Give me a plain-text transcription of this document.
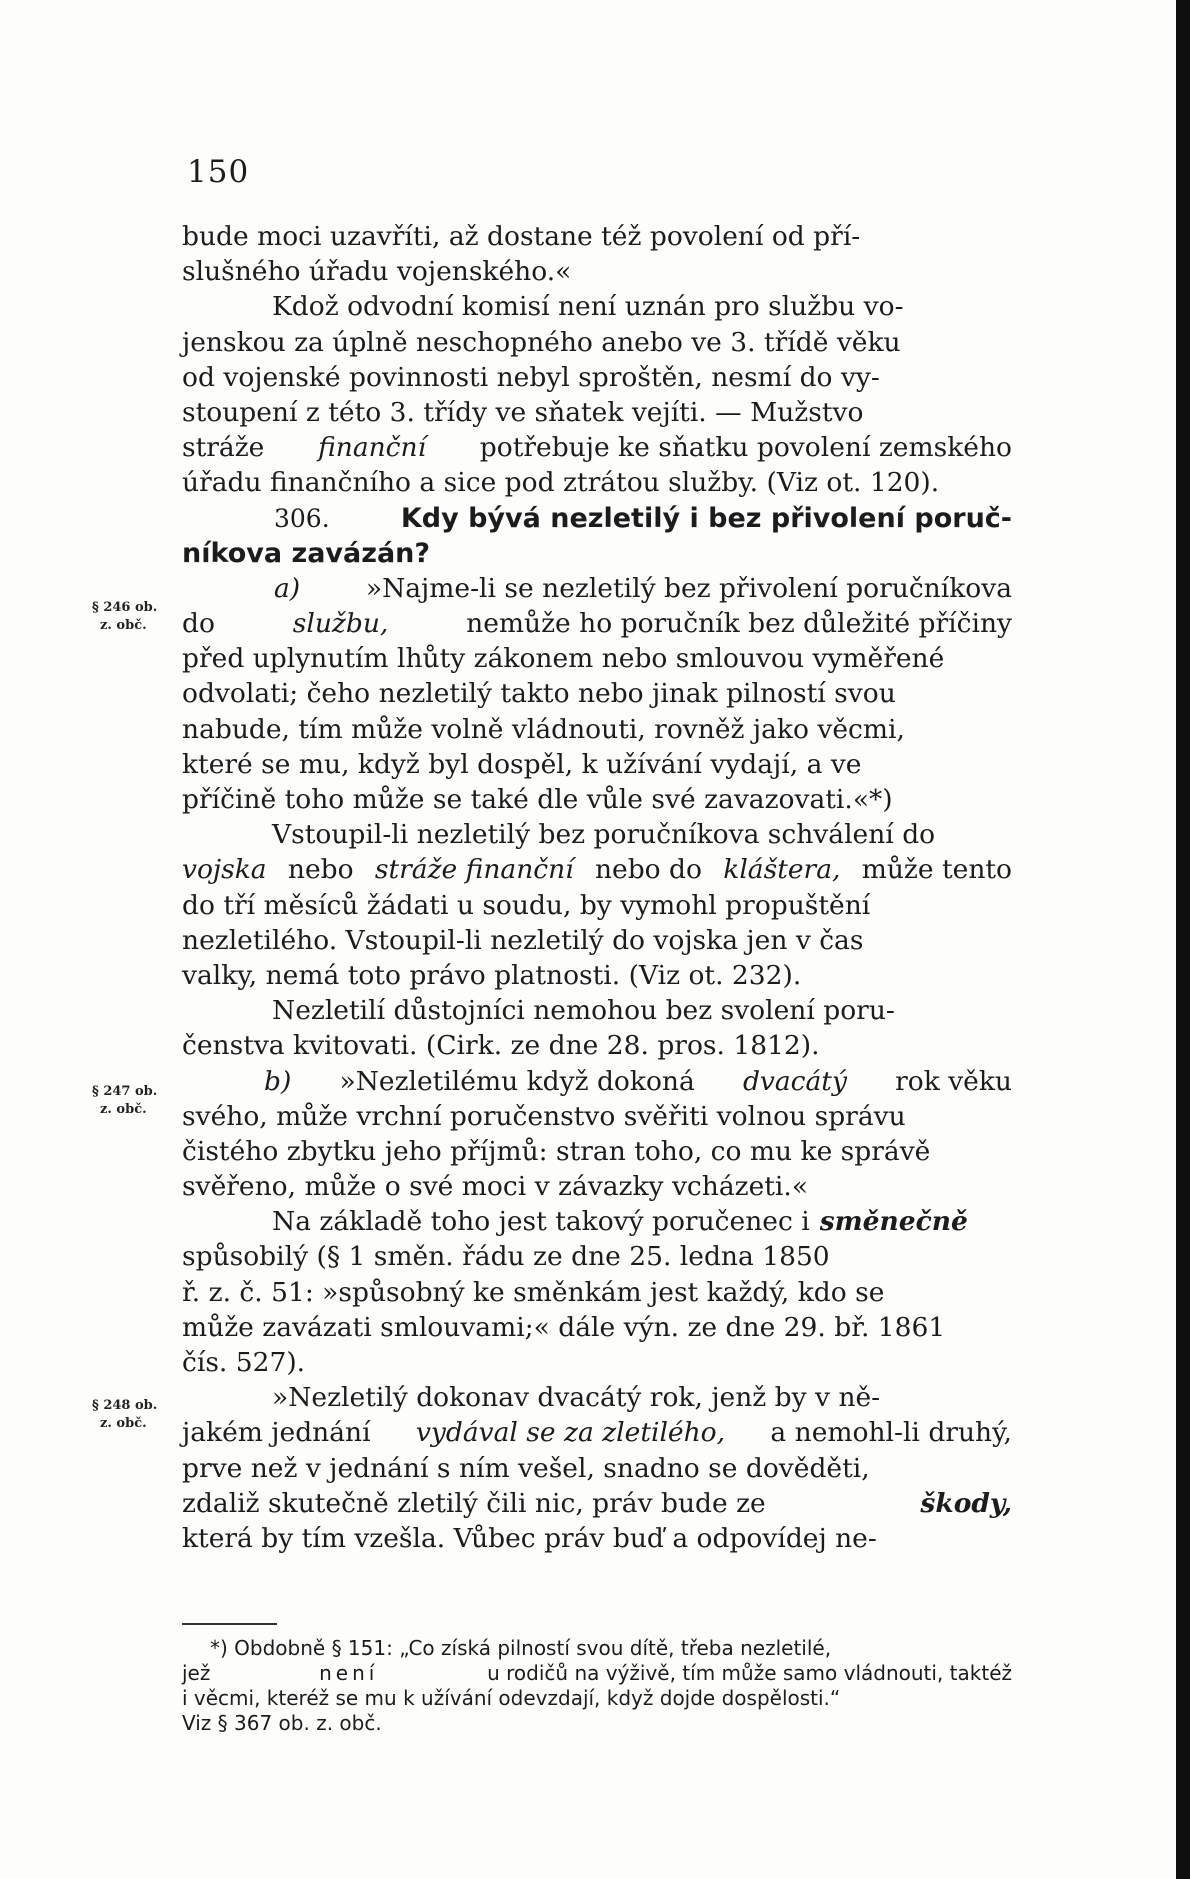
150
bude moci uzavříti, až dostane též povolení od pří-
slušného úřadu vojenského.«
Kdož odvodní komisí není uznán pro službu vo-
jenskou za úplně neschopného anebo ve 3. třídě věku
od vojenské povinnosti nebyl sproštěn, nesmí do vy-
stoupení z této 3. třídy ve sňatek vejíti. — Mužstvo
stráže finanční potřebuje ke sňatku povolení zemského
úřadu finančního a sice pod ztrátou služby. (Viz ot. 120).
306.	Kdy bývá nezletilý i bez přivolení poruč-
níkova zavázán?
a) »Najme-li se nezletilý bez přivolení poručníkova
do	službu,	nemůže ho poručník bez důležité příčiny
před uplynutím lhůty zákonem nebo smlouvou vyměřené
odvolati; čeho nezletilý takto nebo jinak pilností svou
nabude, tím může volně vládnouti, rovněž jako věcmi,
které se mu, když byl dospěl, k užívání vydají, a ve
příčině toho může se také dle vůle své zavazovati.«*)
Vstoupil-li nezletilý bez poručníkova schválení do
vojska nebo stráže finanční nebo do kláštera, může tento
do tří měsíců žádati u soudu, by vymohl propuštění
nezletilého. Vstoupil-li nezletilý do vojska jen v čas
valky, nemá toto právo platnosti. (Viz ot. 232).
Nezletilí důstojníci nemohou bez svolení poru-
čenstva kvitovati. (Cirk. ze dne 28. pros. 1812).
b) »Nezletilému když dokoná dvacátý rok věku
svého, může vrchní poručenstvo svěřiti volnou správu
čistého zbytku jeho příjmů: stran toho, co mu ke správě
svěřeno, může o své moci v závazky vcházeti.«
Na základě toho jest takový poručenec i směnečně
spůsobilý (§ 1 směn. řádu ze dne 25. ledna 1850
ř. z. č. 51: »spůsobný ke směnkám jest každý, kdo se
může zavázati smlouvami;« dále výn. ze dne 29. bř. 1861
čís. 527).
»Nezletilý dokonav dvacátý rok, jenž by v ně-
jakém jednání vydával se za zletilého, a nemohl-li druhý,
prve než v jednání s ním vešel, snadno se dověděti,
zdaliž skutečně zletilý čili nic, práv bude ze	škody,
která by tím vzešla. Vůbec práv buď a odpovídej ne-
§ 246 ob.
z. obč.
§ 247 ob.
z. obč.
§ 248 ob.
z. obč.
*) Obdobně § 151: „Co získá pilností svou dítě, třeba nezletilé,
jež	není	u rodičů na výživě, tím může samo vládnouti, taktéž
i věcmi, kteréž se mu k užívání odevzdají, když dojde dospělosti.“
Viz § 367 ob. z. obč.
